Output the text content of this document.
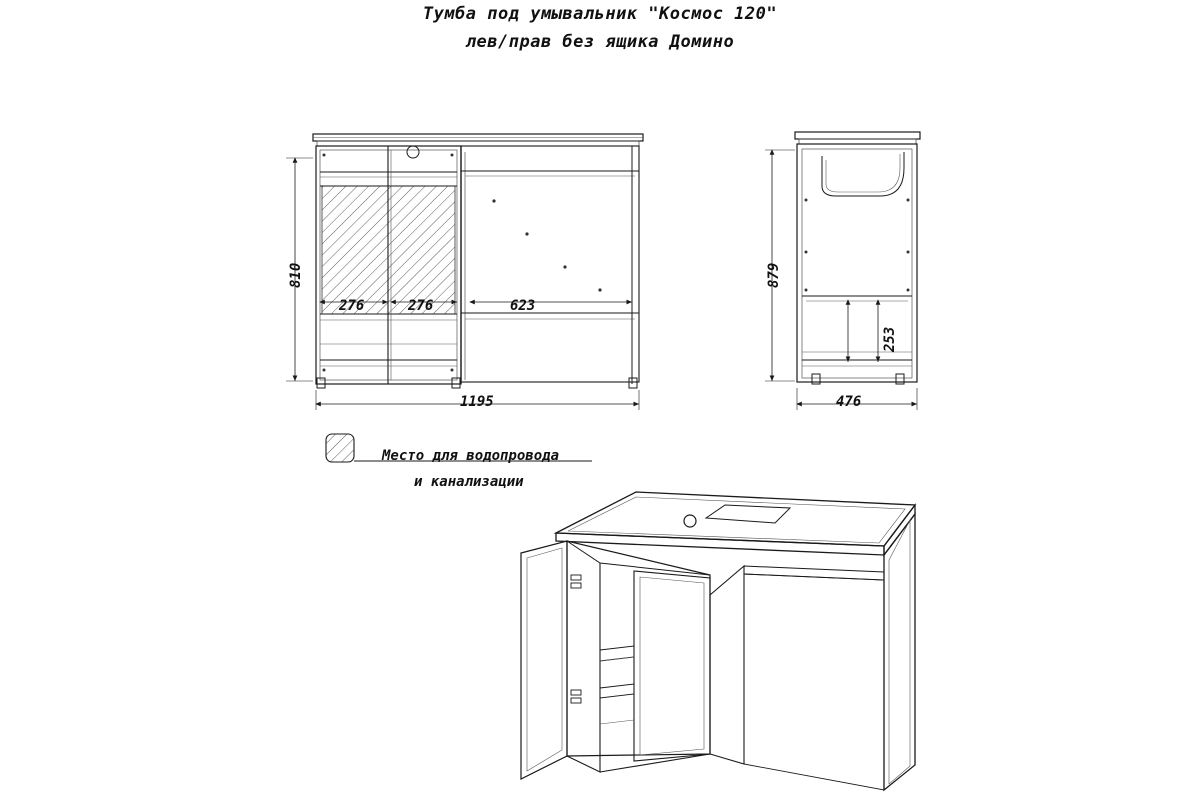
Тумба под умывальник "Космос 120"
лев/прав без ящика Домино
810
1195
276	276	623
879
476
253
Место для водопровода
и канализации
